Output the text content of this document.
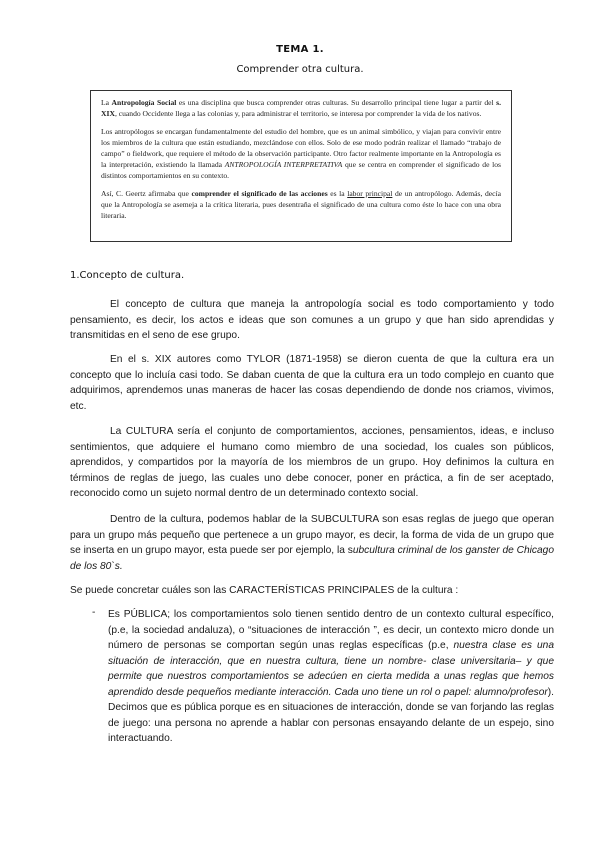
TEMA 1.
Comprender otra cultura.

La Antropología Social es una disciplina que busca comprender otras culturas. Su desarrollo principal tiene lugar a partir del s. XIX, cuando Occidente llega a las colonias y, para administrar el territorio, se interesa por comprender la vida de los nativos.

Los antropólogos se encargan fundamentalmente del estudio del hombre, que es un animal simbólico, y viajan para convivir entre los miembros de la cultura que están estudiando, mezclándose con ellos. Solo de ese modo podrán realizar el llamado “trabajo de campo” o fieldwork, que requiere el método de la observación participante. Otro factor realmente importante en la Antropología es la interpretación, existiendo la llamada ANTROPOLOGÍA INTERPRETATIVA que se centra en comprender el significado de los distintos comportamientos en su contexto.

Así, C. Geertz afirmaba que comprender el significado de las acciones es la labor principal de un antropólogo. Además, decía que la Antropología se asemeja a la crítica literaria, pues desentraña el significado de una cultura como éste lo hace con una obra literaria.

1.Concepto de cultura.

El concepto de cultura que maneja la antropología social es todo comportamiento y todo pensamiento, es decir, los actos e ideas que son comunes a un grupo y que han sido aprendidas y transmitidas en el seno de ese grupo.

En el s. XIX autores como TYLOR (1871-1958) se dieron cuenta de que la cultura era un concepto que lo incluía casi todo. Se daban cuenta de que la cultura era un todo complejo en cuanto que adquirimos, aprendemos unas maneras de hacer las cosas dependiendo de donde nos criamos, vivimos, etc.

La CULTURA sería el conjunto de comportamientos, acciones, pensamientos, ideas, e incluso sentimientos, que adquiere el humano como miembro de una sociedad, los cuales son públicos, aprendidos, y compartidos por la mayoría de los miembros de un grupo. Hoy definimos la cultura en términos de reglas de juego, las cuales uno debe conocer, poner en práctica, a fin de ser aceptado, reconocido como un sujeto normal dentro de un determinado contexto social.

Dentro de la cultura, podemos hablar de la SUBCULTURA son esas reglas de juego que operan para un grupo más pequeño que pertenece a un grupo mayor, es decir, la forma de vida de un grupo que se inserta en un grupo mayor, esta puede ser por ejemplo, la subcultura criminal de los ganster de Chicago de los 80`s.

Se puede concretar cuáles son las CARACTERÍSTICAS PRINCIPALES de la cultura :

- Es PÚBLICA; los comportamientos solo tienen sentido dentro de un contexto cultural específico, (p.e, la sociedad andaluza), o “situaciones de interacción ”, es decir, un contexto micro donde un número de personas se comportan según unas reglas específicas (p.e, nuestra clase es una situación de interacción, que en nuestra cultura, tiene un nombre- clase universitaria– y que permite que nuestros comportamientos se adecúen en cierta medida a unas reglas que hemos aprendido desde pequeños mediante interacción. Cada uno tiene un rol o papel: alumno/profesor). Decimos que es pública porque es en situaciones de interacción, donde se van forjando las reglas de juego: una persona no aprende a hablar con personas ensayando delante de un espejo, sino interactuando.
